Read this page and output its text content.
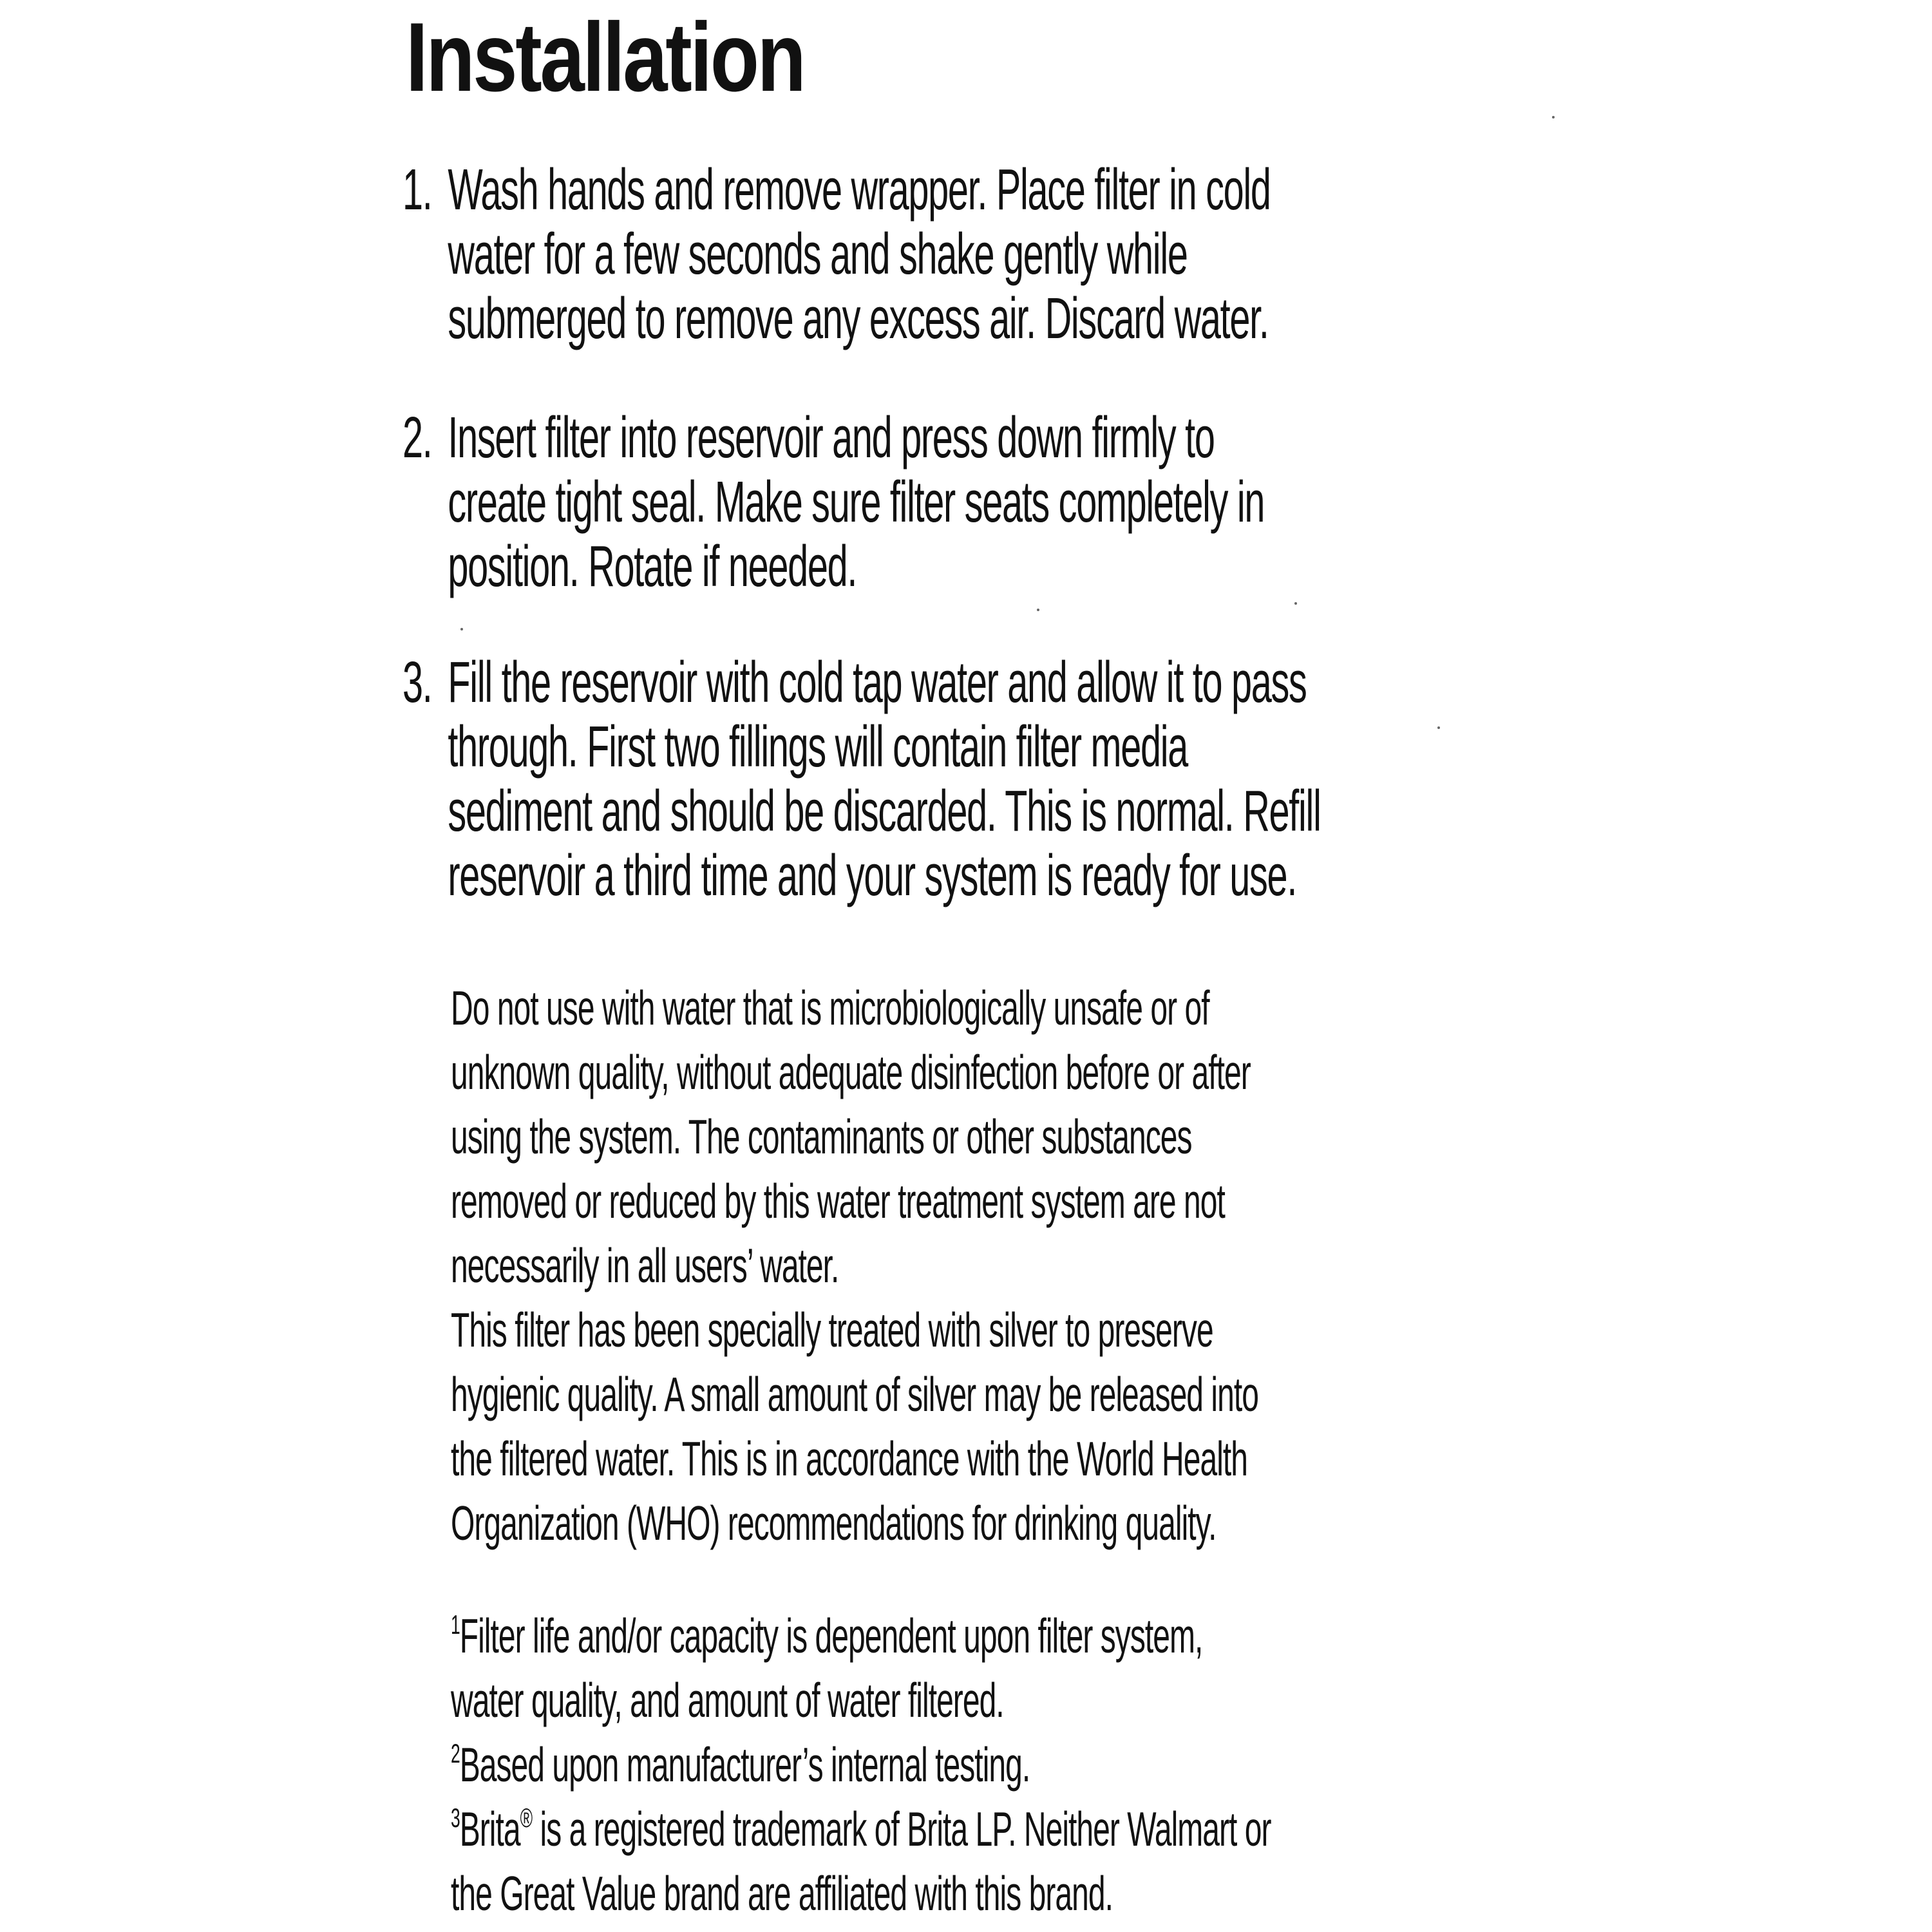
Installation
1. Wash hands and remove wrapper. Place filter in cold
water for a few seconds and shake gently while
submerged to remove any excess air. Discard water.
2. Insert filter into reservoir and press down firmly to
create tight seal. Make sure filter seats completely in
position. Rotate if needed.
3. Fill the reservoir with cold tap water and allow it to pass
through. First two fillings will contain filter media
sediment and should be discarded. This is normal. Refill
reservoir a third time and your system is ready for use.
Do not use with water that is microbiologically unsafe or of
unknown quality, without adequate disinfection before or after
using the system. The contaminants or other substances
removed or reduced by this water treatment system are not
necessarily in all users’ water.
This filter has been specially treated with silver to preserve
hygienic quality. A small amount of silver may be released into
the filtered water. This is in accordance with the World Health
Organization (WHO) recommendations for drinking quality.
$^1$Filter life and/or capacity is dependent upon filter system,
water quality, and amount of water filtered.
$^2$Based upon manufacturer’s internal testing.
$^3$Brita® is a registered trademark of Brita LP. Neither Walmart or
the Great Value brand are affiliated with this brand.
